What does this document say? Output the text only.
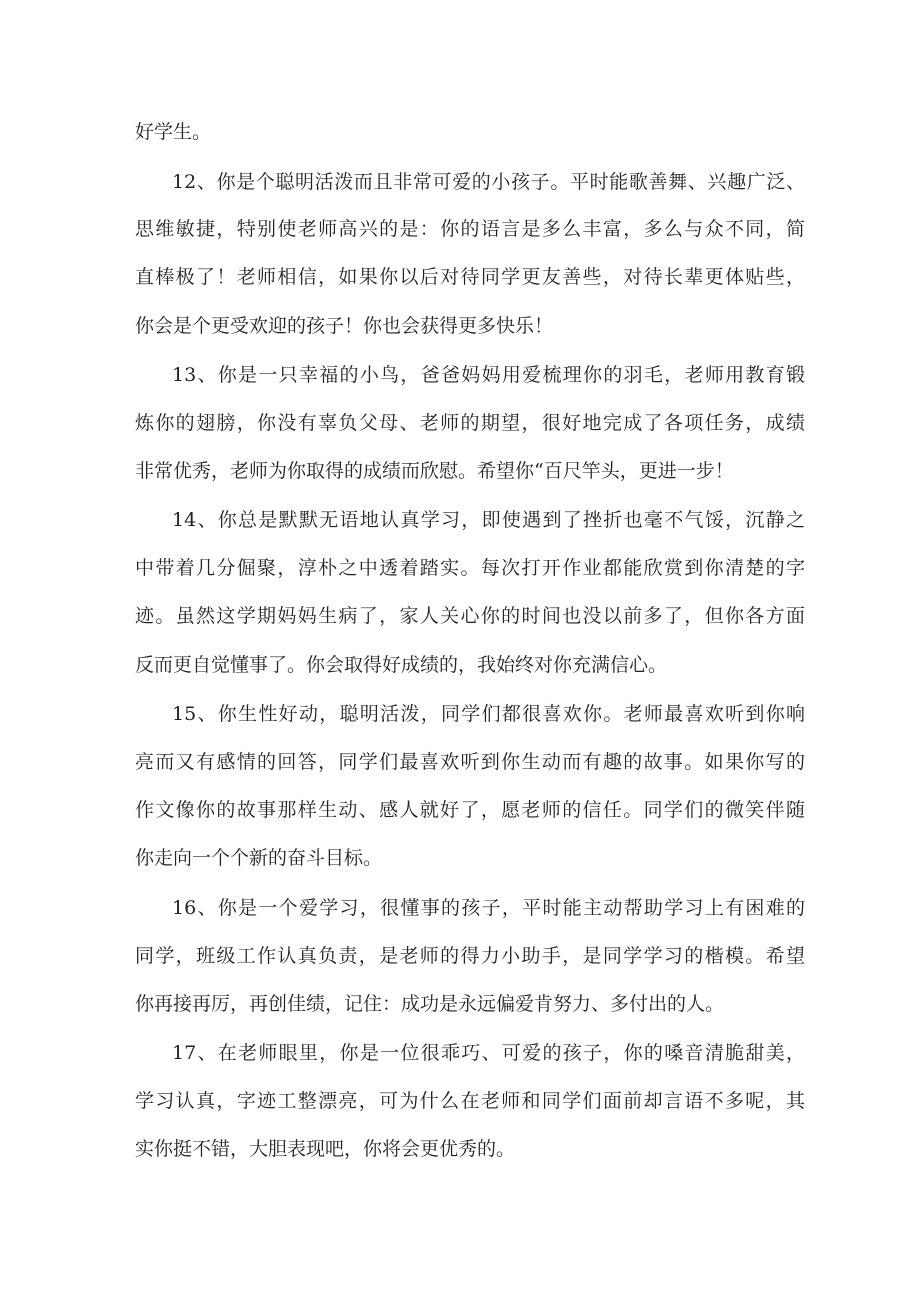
好学生。
12、你是个聪明活泼而且非常可爱的小孩子。平时能歌善舞、兴趣广泛、
思维敏捷，特别使老师高兴的是：你的语言是多么丰富，多么与众不同，简
直棒极了！老师相信，如果你以后对待同学更友善些，对待长辈更体贴些，
你会是个更受欢迎的孩子！你也会获得更多快乐！
13、你是一只幸福的小鸟，爸爸妈妈用爱梳理你的羽毛，老师用教育锻
炼你的翅膀，你没有辜负父母、老师的期望，很好地完成了各项任务，成绩
非常优秀，老师为你取得的成绩而欣慰。希望你“百尺竿头，更进一步！
14、你总是默默无语地认真学习，即使遇到了挫折也毫不气馁，沉静之
中带着几分倔聚，淳朴之中透着踏实。每次打开作业都能欣赏到你清楚的字
迹。虽然这学期妈妈生病了，家人关心你的时间也没以前多了，但你各方面
反而更自觉懂事了。你会取得好成绩的，我始终对你充满信心。
15、你生性好动，聪明活泼，同学们都很喜欢你。老师最喜欢听到你响
亮而又有感情的回答，同学们最喜欢听到你生动而有趣的故事。如果你写的
作文像你的故事那样生动、感人就好了，愿老师的信任。同学们的微笑伴随
你走向一个个新的奋斗目标。
16、你是一个爱学习，很懂事的孩子，平时能主动帮助学习上有困难的
同学，班级工作认真负责，是老师的得力小助手，是同学学习的楷模。希望
你再接再厉，再创佳绩，记住：成功是永远偏爱肯努力、多付出的人。
17、在老师眼里，你是一位很乖巧、可爱的孩子，你的嗓音清脆甜美，
学习认真，字迹工整漂亮，可为什么在老师和同学们面前却言语不多呢，其
实你挺不错，大胆表现吧，你将会更优秀的。
